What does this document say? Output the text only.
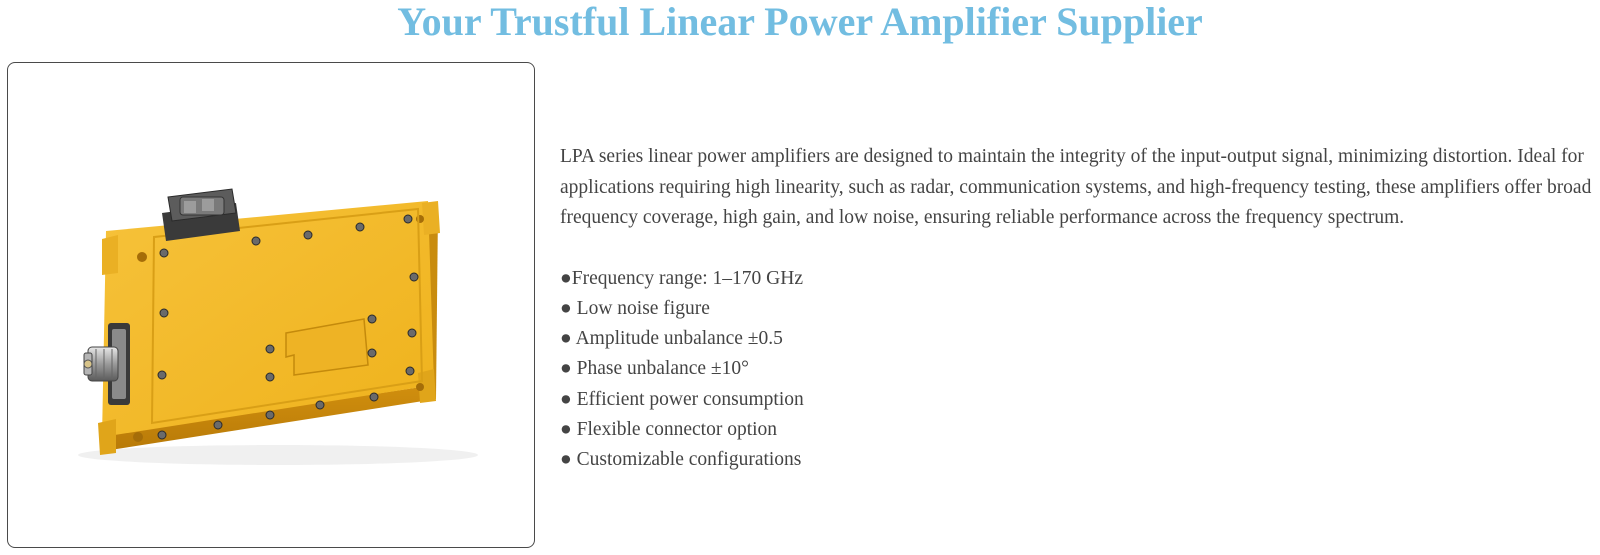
Your Trustful Linear Power Amplifier Supplier

LPA series linear power amplifiers are designed to maintain the integrity of the input-output signal, minimizing distortion. Ideal for applications requiring high linearity, such as radar, communication systems, and high-frequency testing, these amplifiers offer broad frequency coverage, high gain, and low noise, ensuring reliable performance across the frequency spectrum.

●Frequency range: 1–170 GHz
● Low noise figure
● Amplitude unbalance ±0.5
● Phase unbalance ±10°
● Efficient power consumption
● Flexible connector option
● Customizable configurations
